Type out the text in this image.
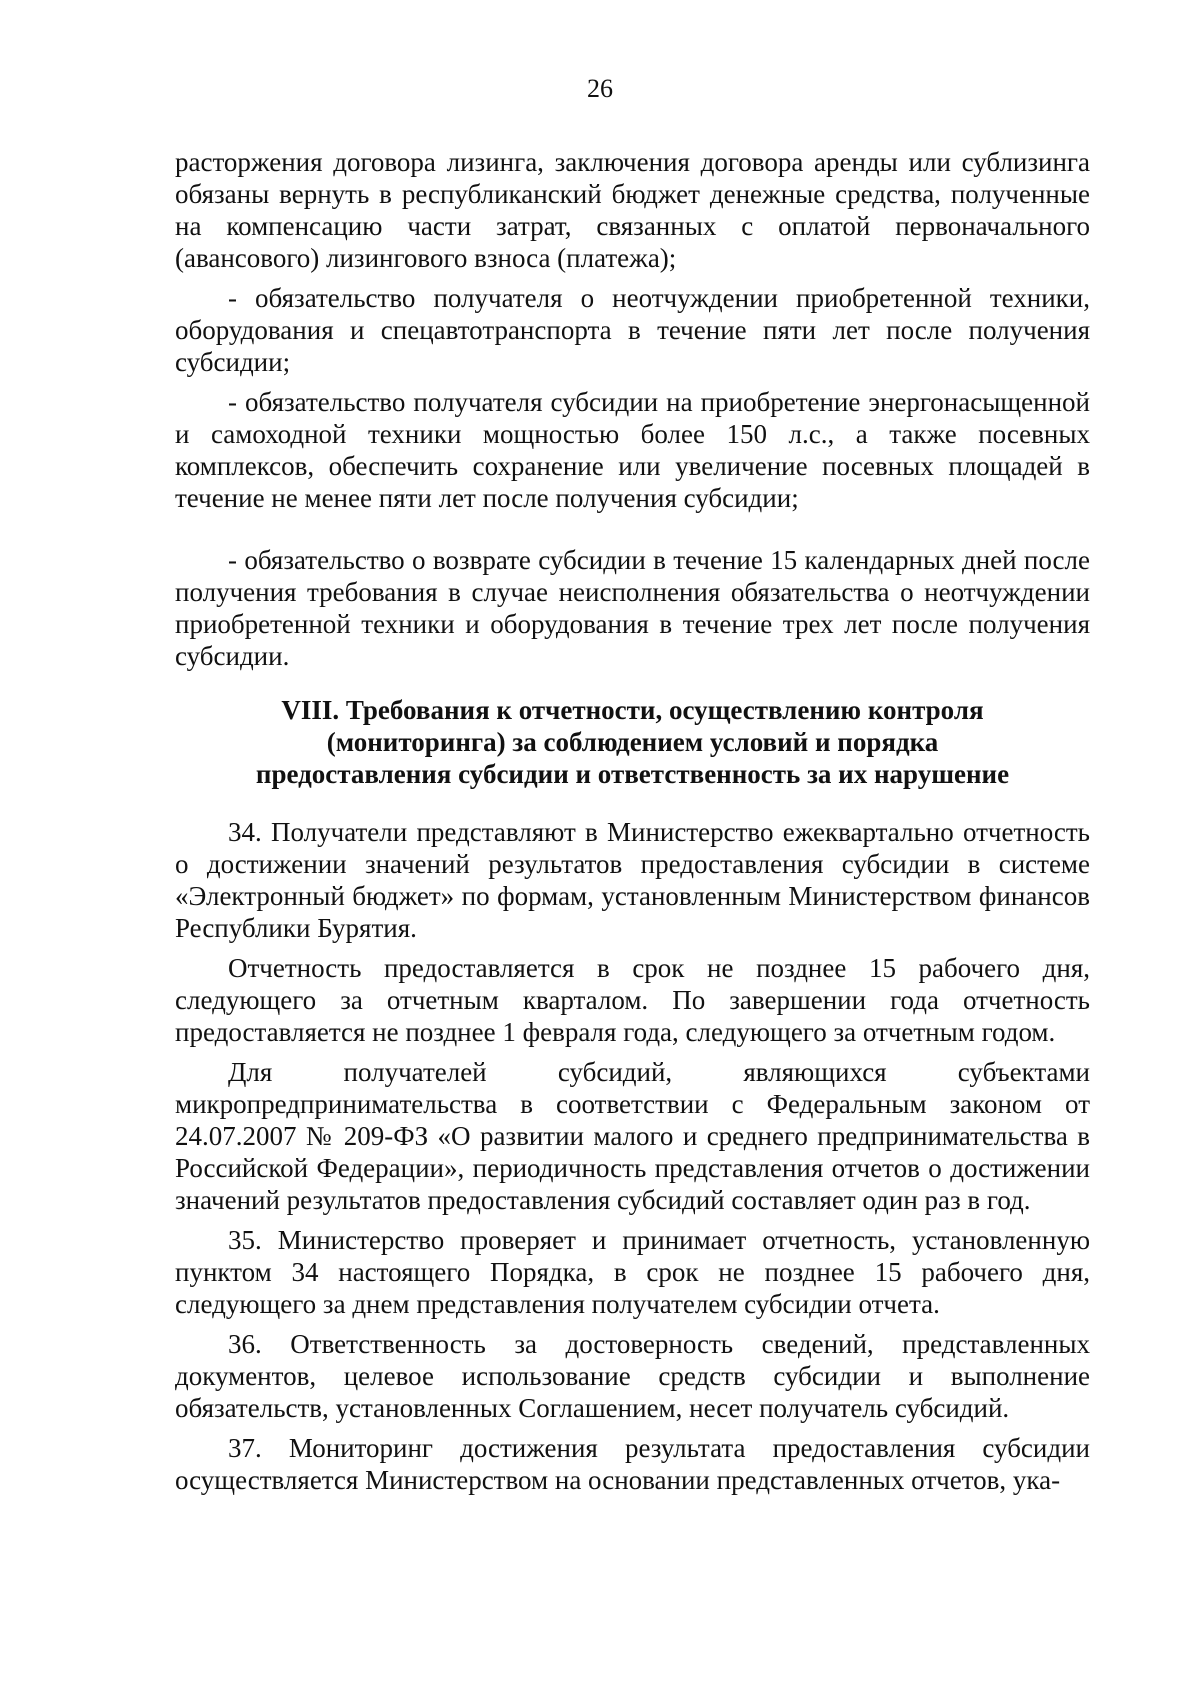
26

расторжения договора лизинга, заключения договора аренды или сублизинга обязаны вернуть в республиканский бюджет денежные средства, полученные на компенсацию части затрат, связанных с оплатой первоначального (авансового) лизингового взноса (платежа);

- обязательство получателя о неотчуждении приобретенной техники, оборудования и спецавтотранспорта в течение пяти лет после получения субсидии;

- обязательство получателя субсидии на приобретение энергонасыщенной и самоходной техники мощностью более 150 л.с., а также посевных комплексов, обеспечить сохранение или увеличение посевных площадей в течение не менее пяти лет после получения субсидии;

- обязательство о возврате субсидии в течение 15 календарных дней после получения требования в случае неисполнения обязательства о неотчуждении приобретенной техники и оборудования в течение трех лет после получения субсидии.

VIII. Требования к отчетности, осуществлению контроля
(мониторинга) за соблюдением условий и порядка
предоставления субсидии и ответственность за их нарушение

34. Получатели представляют в Министерство ежеквартально отчетность о достижении значений результатов предоставления субсидии в системе «Электронный бюджет» по формам, установленным Министерством финансов Республики Бурятия.

Отчетность предоставляется в срок не позднее 15 рабочего дня, следующего за отчетным кварталом. По завершении года отчетность предоставляется не позднее 1 февраля года, следующего за отчетным годом.

Для получателей субсидий, являющихся субъектами микропредпринимательства в соответствии с Федеральным законом от 24.07.2007 № 209-ФЗ «О развитии малого и среднего предпринимательства в Российской Федерации», периодичность представления отчетов о достижении значений результатов предоставления субсидий составляет один раз в год.

35. Министерство проверяет и принимает отчетность, установленную пунктом 34 настоящего Порядка, в срок не позднее 15 рабочего дня, следующего за днем представления получателем субсидии отчета.

36. Ответственность за достоверность сведений, представленных документов, целевое использование средств субсидии и выполнение обязательств, установленных Соглашением, несет получатель субсидий.

37. Мониторинг достижения результата предоставления субсидии осуществляется Министерством на основании представленных отчетов, ука-
